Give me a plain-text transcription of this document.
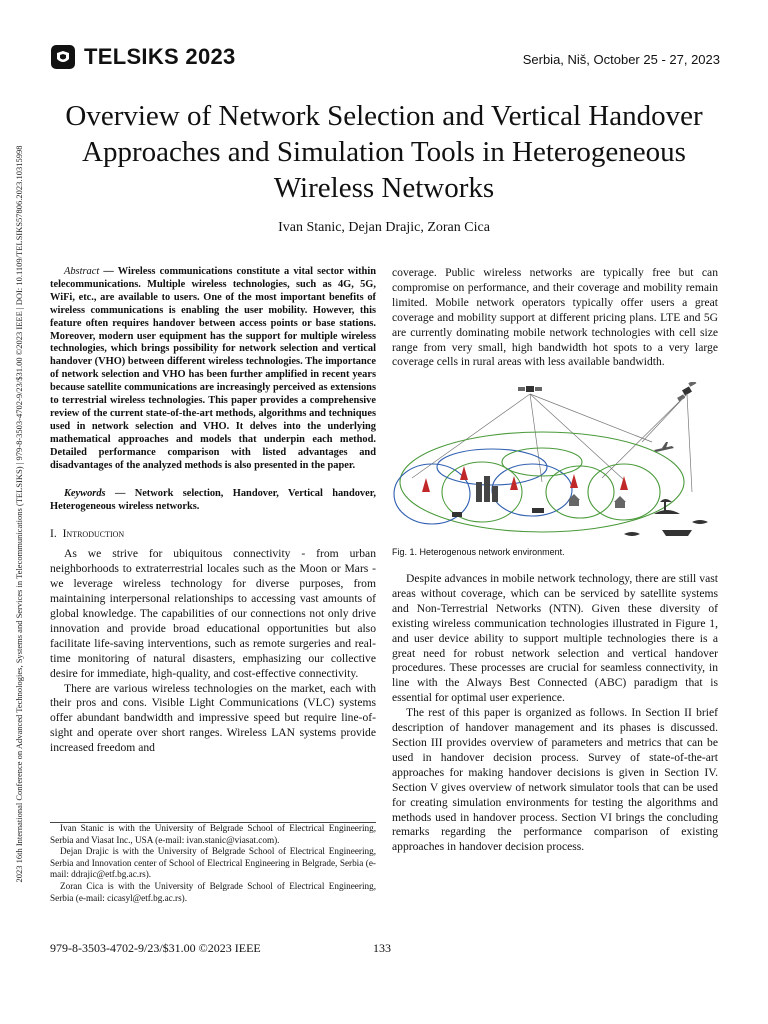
2023 16th International Conference on Advanced Technologies, Systems and Services in Telecommunications (TELSIKS) | 979-8-3503-4702-9/23/$31.00 ©2023 IEEE | DOI: 10.1109/TELSIKS57806.2023.10315998
TELSIKS 2023	Serbia, Niš, October 25 - 27, 2023
Overview of Network Selection and Vertical Handover Approaches and Simulation Tools in Heterogeneous Wireless Networks
Ivan Stanic, Dejan Drajic, Zoran Cica

Abstract — Wireless communications constitute a vital sector within telecommunications. Multiple wireless technologies, such as 4G, 5G, WiFi, etc., are available to users. One of the most important benefits of wireless communications is enabling the user mobility. However, this feature often requires handover between access points or base stations. Moreover, modern user equipment has the support for multiple wireless technologies, which brings possibility for network selection and vertical handover (VHO) between different wireless technologies. The importance of network selection and VHO has been further amplified in recent years because satellite communications are increasingly perceived as extensions to terrestrial wireless technologies. This paper provides a comprehensive review of the current state-of-the-art methods, algorithms and techniques used in network selection and VHO. It delves into the underlying mathematical approaches and models that underpin each method. Detailed performance comparison with listed advantages and disadvantages of the analyzed methods is also presented in the paper.

Keywords — Network selection, Handover, Vertical handover, Heterogeneous wireless networks.

I. Introduction

As we strive for ubiquitous connectivity - from urban neighborhoods to extraterrestrial locales such as the Moon or Mars - we leverage wireless technology for diverse purposes, from maintaining interpersonal relationships to accessing vast amounts of global knowledge. The capabilities of our connections not only drive innovation and provide broad educational opportunities but also facilitate life-saving interventions, such as remote surgeries and real-time monitoring of natural disasters, emphasizing our collective desire for immediate, high-quality, and cost-effective connectivity.

There are various wireless technologies on the market, each with their pros and cons. Visible Light Communications (VLC) systems offer abundant bandwidth and impressive speed but require line-of-sight and operate over short ranges. Wireless LAN systems provide increased freedom and

Ivan Stanic is with the University of Belgrade School of Electrical Engineering, Serbia and Viasat Inc., USA (e-mail: ivan.stanic@viasat.com).

Dejan Drajic is with the University of Belgrade School of Electrical Engineering, Serbia and Innovation center of School of Electrical Engineering in Belgrade, Serbia (e-mail: ddrajic@etf.bg.ac.rs).

Zoran Cica is with the University of Belgrade School of Electrical Engineering, Serbia (e-mail: cicasyl@etf.bg.ac.rs).

coverage. Public wireless networks are typically free but can compromise on performance, and their coverage and mobility remain limited. Mobile network operators typically offer users a great coverage and mobility support at different pricing plans. LTE and 5G are currently dominating mobile network technologies with cell size range from very small, high bandwidth hot spots to a very large coverage cells in rural areas with less available bandwidth.

Fig. 1. Heterogenous network environment.

Despite advances in mobile network technology, there are still vast areas without coverage, which can be serviced by satellite systems and Non-Terrestrial Networks (NTN). Given these diversity of existing wireless communication technologies illustrated in Figure 1, and user device ability to support multiple technologies there is a great need for robust network selection and vertical handover procedures. These processes are crucial for seamless connectivity, in line with the Always Best Connected (ABC) paradigm that is essential for optimal user experience.

The rest of this paper is organized as follows. In Section II brief description of handover management and its phases is discussed. Section III provides overview of parameters and metrics that can be used in handover decision process. Survey of state-of-the-art approaches for making handover decisions is given in Section IV. Section V gives overview of network simulator tools that can be used for creating simulation environments for testing the algorithms and methods used in handover process. Section VI brings the concluding remarks regarding the performance comparison of existing approaches in handover decision process.

979-8-3503-4702-9/23/$31.00 ©2023 IEEE	133
